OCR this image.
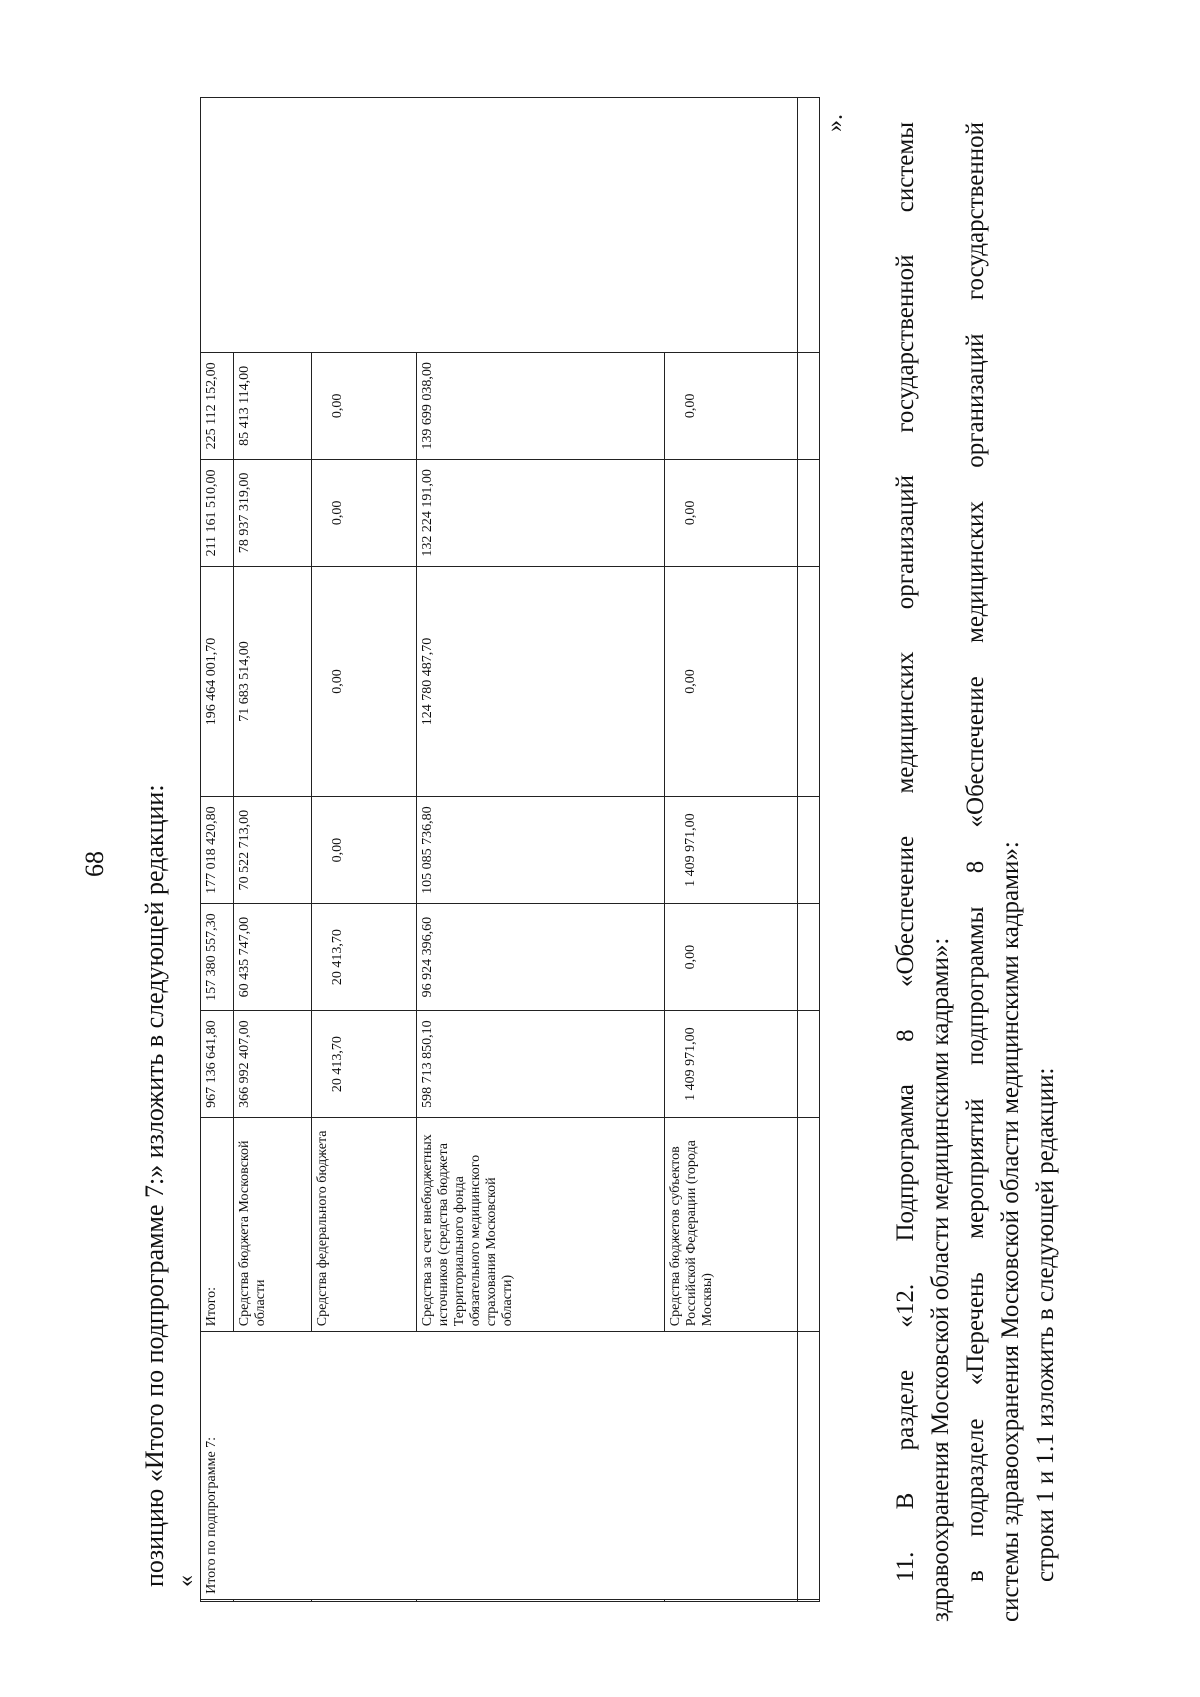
68 позицию «Итого по подпрограмме 7:» изложить в следующей редакции: «
	Итого по подпрограмме 7:	Итого:	967 136 641,80	157 380 557,30	177 018 420,80	196 464 001,70	211 161 510,00	225 112 152,00	
		Средства бюджета Московской области	366 992 407,00	60 435 747,00	70 522 713,00	71 683 514,00	78 937 319,00	85 413 114,00	
		Средства федерального бюджета	20 413,70	20 413,70	0,00	0,00	0,00	0,00	
		Средства за счет внебюджетных источников (средства бюджета Территориального фонда обязательного медицинского страхования Московской области)	598 713 850,10	96 924 396,60	105 085 736,80	124 780 487,70	132 224 191,00	139 699 038,00	
		Средства бюджетов субъектов Российской Федерации (города Москвы)	1 409 971,00	0,00	1 409 971,00	0,00	0,00	0,00	

». 11. В разделе «12. Подпрограмма 8 «Обеспечение медицинских организаций государственной системы здравоохранения Московской области медицинскими кадрами»: в подразделе «Перечень мероприятий подпрограммы 8 «Обеспечение медицинских организаций государственной системы здравоохранения Московской области медицинскими кадрами»: строки 1 и 1.1 изложить в следующей редакции:
